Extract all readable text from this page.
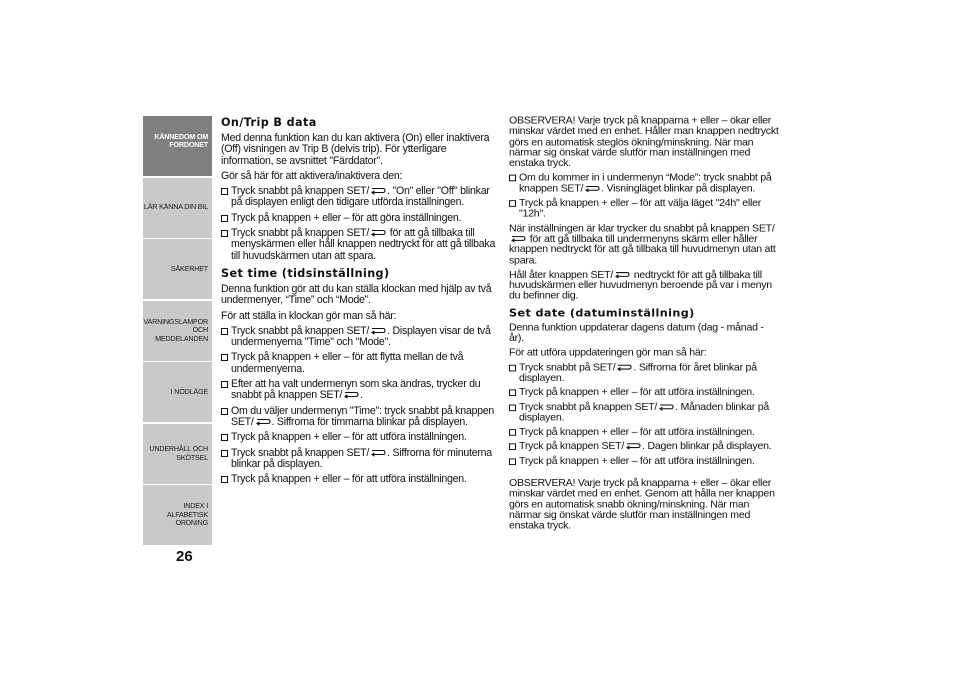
KÄNNEDOM OM
FORDONET
LÄR KÄNNA DIN BIL
SÄKERHET
VARNINGSLAMPOR
OCH MEDDELANDEN
I NÖDLÄGE
UNDERHÅLL OCH
SKÖTSEL
INDEX I ALFABETISK
ORDNING
26
On/Trip B data

Med denna funktion kan du kan aktivera (On) eller inaktivera (Off) visningen av Trip B (delvis trip). För ytterligare information, se avsnittet "Färddator".

Gör så här för att aktivera/inaktivera den:

Tryck snabbt på knappen SET/ . "On" eller "Off" blinkar på displayen enligt den tidigare utförda inställningen.
Tryck på knappen + eller – för att göra inställningen.
Tryck snabbt på knappen SET/ för att gå tillbaka till menyskärmen eller håll knappen nedtryckt för att gå tillbaka till huvudskärmen utan att spara.
Set time (tidsinställning)

Denna funktion gör att du kan ställa klockan med hjälp av två undermenyer, “Time” och “Mode”.

För att ställa in klockan gör man så här:

Tryck snabbt på knappen SET/ . Displayen visar de två undermenyerna "Time" och "Mode".
Tryck på knappen + eller – för att flytta mellan de två undermenyerna.
Efter att ha valt undermenyn som ska ändras, trycker du snabbt på knappen SET/ .
Om du väljer undermenyn "Time": tryck snabbt på knappen SET/ . Siffrorna för timmarna blinkar på displayen.
Tryck på knappen + eller – för att utföra inställningen.
Tryck snabbt på knappen SET/ . Siffrorna för minuterna blinkar på displayen.
Tryck på knappen + eller – för att utföra inställningen.

OBSERVERA! Varje tryck på knapparna + eller – ökar eller minskar värdet med en enhet. Håller man knappen nedtryckt görs en automatisk steglös ökning/minskning. När man närmar sig önskat värde slutför man inställningen med enstaka tryck.

Om du kommer in i undermenyn “Mode”: tryck snabbt på knappen SET/ . Visningläget blinkar på displayen.
Tryck på knappen + eller – för att välja läget "24h" eller "12h".

När inställningen är klar trycker du snabbt på knappen SET/ för att gå tillbaka till undermenyns skärm eller håller knappen nedtryckt för att gå tillbaka till huvudmenyn utan att spara.

Håll åter knappen SET/ nedtryckt för att gå tillbaka till huvudskärmen eller huvudmenyn beroende på var i menyn du befinner dig.

Set date (datuminställning)

Denna funktion uppdaterar dagens datum (dag - månad - år).

För att utföra uppdateringen gör man så här:

Tryck snabbt på SET/ . Siffrorna för året blinkar på displayen.
Tryck på knappen + eller – för att utföra inställningen.
Tryck snabbt på knappen SET/ . Månaden blinkar på displayen.
Tryck på knappen + eller – för att utföra inställningen.
Tryck på knappen SET/ . Dagen blinkar på displayen.
Tryck på knappen + eller – för att utföra inställningen.

OBSERVERA! Varje tryck på knapparna + eller – ökar eller minskar värdet med en enhet. Genom att hålla ner knappen görs en automatisk snabb ökning/minskning. När man närmar sig önskat värde slutför man inställningen med enstaka tryck.
